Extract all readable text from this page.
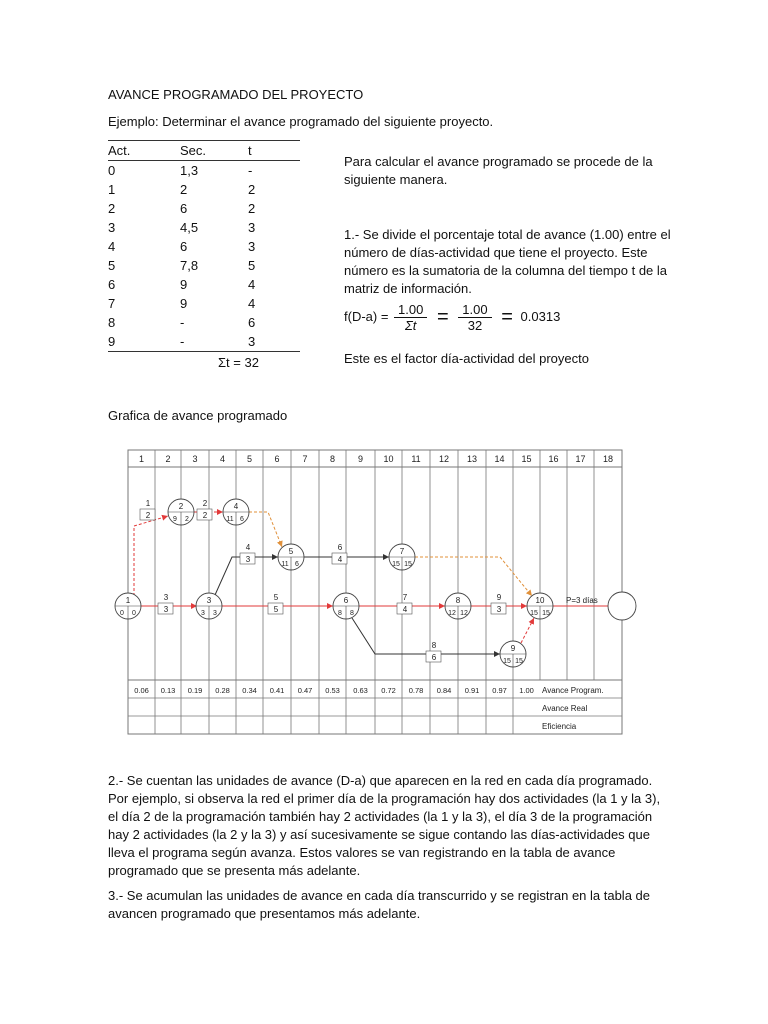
AVANCE PROGRAMADO DEL PROYECTO
Ejemplo: Determinar el avance programado del siguiente proyecto.
Act.	Sec.	t
0	1,3	-
1	2	2
2	6	2
3	4,5	3
4	6	3
5	7,8	5
6	9	4
7	9	4
8	-	6
9	-	3
Σt = 32
Para calcular el avance programado se procede de la siguiente manera.
1.- Se divide el porcentaje total de avance (1.00) entre el número de días-actividad que tiene el proyecto. Este número es la sumatoria de la columna del tiempo t de la matriz de información.
$f(D-a) = \frac{1.00}{\Sigma t} = \frac{1.00}{32} = 0.0313$
Este es el factor día-actividad del proyecto
Grafica de avance programado
1 2 3 4 5 6	7 8	9 10 11 12 13 14 15 16 17 18
0.06 0.13 0.19 0.28 0.34 0.41 0.47 0.53 0.63 0.72 0.78 0.84 0.91 0.97 1.00 Avance Program.
Avance Real
Eficiencia
1
0 0
2
9 2
4
11 6
3
3 3
5
11 6
6
8 8
7
15 15
8
12 12
9
15 15
10
15 15
1
2
2
2
3
3
4
3
5
5
6
4
7
4
8
6
9
3
P=3 días
2.- Se cuentan las unidades de avance (D-a) que aparecen en la red en cada día programado. Por ejemplo, si observa la red el primer día de la programación hay dos actividades (la 1 y la 3), el día 2 de la programación también hay 2 actividades (la 1 y la 3), el día 3 de la programación hay 2 actividades (la 2 y la 3) y así sucesivamente se sigue contando las días-actividades que lleva el programa según avanza. Estos valores se van registrando en la tabla de avance programado que se presenta más adelante.
3.- Se acumulan las unidades de avance en cada día transcurrido y se registran en la tabla de avancen programado que presentamos más adelante.
